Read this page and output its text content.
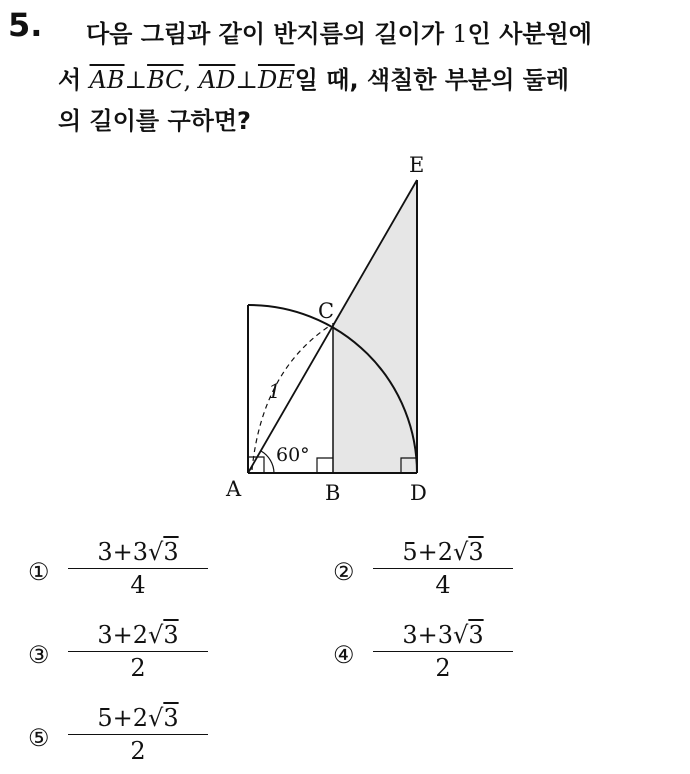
5. 다음 그림과 같이 반지름의 길이가 1인 사분원에
서 $\overline{AB}\perp\overline{BC}$, $\overline{AD}\perp\overline{DE}$일 때, 색칠한 부분의 둘레
의 길이를 구하면?
60°
1
A	B
C
D
E
① $\frac{3+3√3}{4}$	② $\frac{5+2√3}{4}$
③ $\frac{3+2√3}{2}$	④ $\frac{3+3√3}{2}$
⑤ $\frac{5+2√3}{2}$
